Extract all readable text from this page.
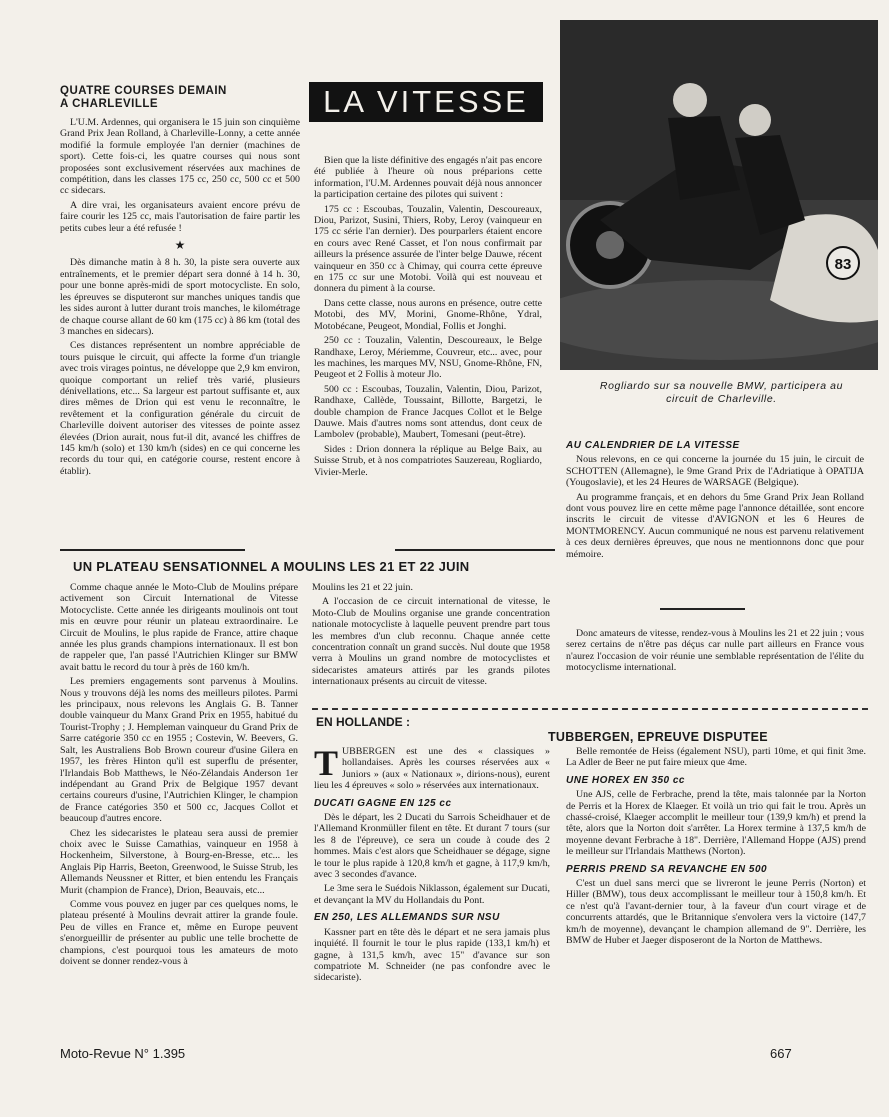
QUATRE COURSES DEMAIN
A CHARLEVILLE

L'U.M. Ardennes, qui organisera le 15 juin son cinquième Grand Prix Jean Rolland, à Charleville-Lonny, a cette année modifié la formule employée l'an dernier (machines de sport). Cette fois-ci, les quatre courses qui nous sont proposées sont exclusivement réservées aux machines de compétition, dans les classes 175 cc, 250 cc, 500 cc et 500 cc sidecars.

A dire vrai, les organisateurs avaient encore prévu de faire courir les 125 cc, mais l'autorisation de faire partir les petits cubes leur a été refusée !

★

Dès dimanche matin à 8 h. 30, la piste sera ouverte aux entraînements, et le premier départ sera donné à 14 h. 30, pour une bonne après-midi de sport motocycliste. En solo, les épreuves se disputeront sur manches uniques tandis que les sides auront à lutter durant trois manches, le kilométrage de chaque course allant de 60 km (175 cc) à 86 km (total des 3 manches en sidecars).

Ces distances représentent un nombre appréciable de tours puisque le circuit, qui affecte la forme d'un triangle avec trois virages pointus, ne développe que 2,9 km environ, quoique comportant un relief très varié, plusieurs dénivellations, etc... Sa largeur est partout suffisante et, aux dires mêmes de Drion qui est venu le reconnaître, le revêtement et la configuration générale du circuit de Charleville doivent autoriser des vitesses de pointe assez élevées (Drion aurait, nous fut-il dit, avancé les chiffres de 145 km/h (solo) et 130 km/h (sides) en ce qui concerne les records du tour qui, en catégorie course, restent encore à établir).

LA VITESSE

Bien que la liste définitive des engagés n'ait pas encore été publiée à l'heure où nous préparions cette information, l'U.M. Ardennes pouvait déjà nous annoncer la participation certaine des pilotes qui suivent :

175 cc : Escoubas, Touzalin, Valentin, Descoureaux, Diou, Parizot, Susini, Thiers, Roby, Leroy (vainqueur en 175 cc série l'an dernier). Des pourparlers étaient encore en cours avec René Casset, et l'on nous confirmait par ailleurs la présence assurée de l'inter belge Dauwe, récent vainqueur en 350 cc à Chimay, qui courra cette épreuve en 175 cc sur une Motobi. Voilà qui est nouveau et donnera du piment à la course.

Dans cette classe, nous aurons en présence, outre cette Motobi, des MV, Morini, Gnome-Rhône, Ydral, Motobécane, Peugeot, Mondial, Follis et Jonghi.

250 cc : Touzalin, Valentin, Descoureaux, le Belge Randhaxe, Leroy, Mériemme, Couvreur, etc... avec, pour les machines, les marques MV, NSU, Gnome-Rhône, FN, Peugeot et 2 Follis à moteur Jlo.

500 cc : Escoubas, Touzalin, Valentin, Diou, Parizot, Randhaxe, Callède, Toussaint, Billotte, Bargetzi, le double champion de France Jacques Collot et le Belge Dauwe. Mais d'autres noms sont attendus, dont ceux de Lambolev (probable), Maubert, Tomesani (peut-être).

Sides : Drion donnera la réplique au Belge Baix, au Suisse Strub, et à nos compatriotes Sauzereau, Rogliardo, Vivier-Merle.

83
Rogliardo sur sa nouvelle BMW, participera au circuit de Charleville.
AU CALENDRIER DE LA VITESSE

Nous relevons, en ce qui concerne la journée du 15 juin, le circuit de SCHOTTEN (Allemagne), le 9me Grand Prix de l'Adriatique à OPATIJA (Yougoslavie), et les 24 Heures de WARSAGE (Belgique).

Au programme français, et en dehors du 5me Grand Prix Jean Rolland dont vous pouvez lire en cette même page l'annonce détaillée, sont encore inscrits le circuit de vitesse d'AVIGNON et les 6 Heures de MONTMORENCY. Aucun communiqué ne nous est parvenu relativement à ces deux dernières épreuves, que nous ne mentionnons donc que pour mémoire.

Donc amateurs de vitesse, rendez-vous à Moulins les 21 et 22 juin ; vous serez certains de n'être pas déçus car nulle part ailleurs en France vous n'aurez l'occasion de voir réunie une semblable représentation de l'élite du motocyclisme international.

UN PLATEAU SENSATIONNEL A MOULINS LES 21 ET 22 JUIN

Comme chaque année le Moto-Club de Moulins prépare activement son Circuit International de Vitesse Motocycliste. Cette année les dirigeants moulinois ont tout mis en œuvre pour réunir un plateau extraordinaire. Le Circuit de Moulins, le plus rapide de France, attire chaque année les plus grands champions internationaux. Il est bon de rappeler que, l'an passé l'Autrichien Klinger sur BMW avait battu le record du tour à près de 160 km/h.

Les premiers engagements sont parvenus à Moulins. Nous y trouvons déjà les noms des meilleurs pilotes. Parmi les principaux, nous relevons les Anglais G. B. Tanner double vainqueur du Manx Grand Prix en 1955, habitué du Tourist-Trophy ; J. Hempleman vainqueur du Grand Prix de Sarre catégorie 350 cc en 1955 ; Costevin, W. Beevers, G. Salt, les Australiens Bob Brown coureur d'usine Gilera en 1957, les frères Hinton qu'il est superflu de présenter, l'Irlandais Bob Matthews, le Néo-Zélandais Anderson 1er indépendant au Grand Prix de Belgique 1957 devant certains coureurs d'usine, l'Autrichien Klinger, le champion de France catégories 350 et 500 cc, Jacques Collot et beaucoup d'autres encore.

Chez les sidecaristes le plateau sera aussi de premier choix avec le Suisse Camathias, vainqueur en 1958 à Hockenheim, Silverstone, à Bourg-en-Bresse, etc... les Anglais Pip Harris, Beeton, Greenwood, le Suisse Strub, les Allemands Neussner et Ritter, et bien entendu les Français Murit (champion de France), Drion, Beauvais, etc...

Comme vous pouvez en juger par ces quelques noms, le plateau présenté à Moulins devrait attirer la grande foule. Peu de villes en France et, même en Europe peuvent s'enorgueillir de présenter au public une telle brochette de champions, c'est pourquoi tous les amateurs de moto doivent se donner rendez-vous à

Moulins les 21 et 22 juin.

A l'occasion de ce circuit international de vitesse, le Moto-Club de Moulins organise une grande concentration nationale motocycliste à laquelle peuvent prendre part tous les membres d'un club reconnu. Chaque année cette concentration connaît un grand succès. Nul doute que 1958 verra à Moulins un grand nombre de motocyclistes et sidecaristes amateurs attirés par les grands pilotes internationaux présents au circuit de vitesse.

EN HOLLANDE :
TUBBERGEN, EPREUVE DISPUTEE

TUBBERGEN est une des « classiques » hollandaises. Après les courses réservées aux « Juniors » (aux « Nationaux », dirions-nous), eurent lieu les 4 épreuves « solo » réservées aux internationaux.

DUCATI GAGNE EN 125 cc

Dès le départ, les 2 Ducati du Sarrois Scheidhauer et de l'Allemand Kronmüller filent en tête. Et durant 7 tours (sur les 8 de l'épreuve), ce sera un coude à coude des 2 hommes. Mais c'est alors que Scheidhauer se dégage, signe le tour le plus rapide à 120,8 km/h et gagne, à 117,9 km/h, avec 3 secondes d'avance.

Le 3me sera le Suédois Niklasson, également sur Ducati, et devançant la MV du Hollandais du Pont.

EN 250, LES ALLEMANDS SUR NSU

Kassner part en tête dès le départ et ne sera jamais plus inquiété. Il fournit le tour le plus rapide (133,1 km/h) et gagne, à 131,5 km/h, avec 15" d'avance sur son compatriote M. Schneider (ne pas confondre avec le sidecariste).

Belle remontée de Heiss (également NSU), parti 10me, et qui finit 3me. La Adler de Beer ne put faire mieux que 4me.

UNE HOREX EN 350 cc

Une AJS, celle de Ferbrache, prend la tête, mais talonnée par la Norton de Perris et la Horex de Klaeger. Et voilà un trio qui fait le trou. Après un chassé-croisé, Klaeger accomplit le meilleur tour (139,9 km/h) et prend la tête, alors que la Norton doit s'arrêter. La Horex termine à 137,5 km/h de moyenne devant Ferbrache à 18". Derrière, l'Allemand Hoppe (AJS) prend le meilleur sur l'Irlandais Matthews (Norton).

PERRIS PREND SA REVANCHE EN 500

C'est un duel sans merci que se livreront le jeune Perris (Norton) et Hiller (BMW), tous deux accomplissant le meilleur tour à 150,8 km/h. Et ce n'est qu'à l'avant-dernier tour, à la faveur d'un court virage et de concurrents attardés, que le Britannique s'envolera vers la victoire (147,7 km/h de moyenne), devançant le champion allemand de 9". Derrière, les BMW de Huber et Jaeger disposeront de la Norton de Matthews.

Moto-Revue N° 1.395	667
